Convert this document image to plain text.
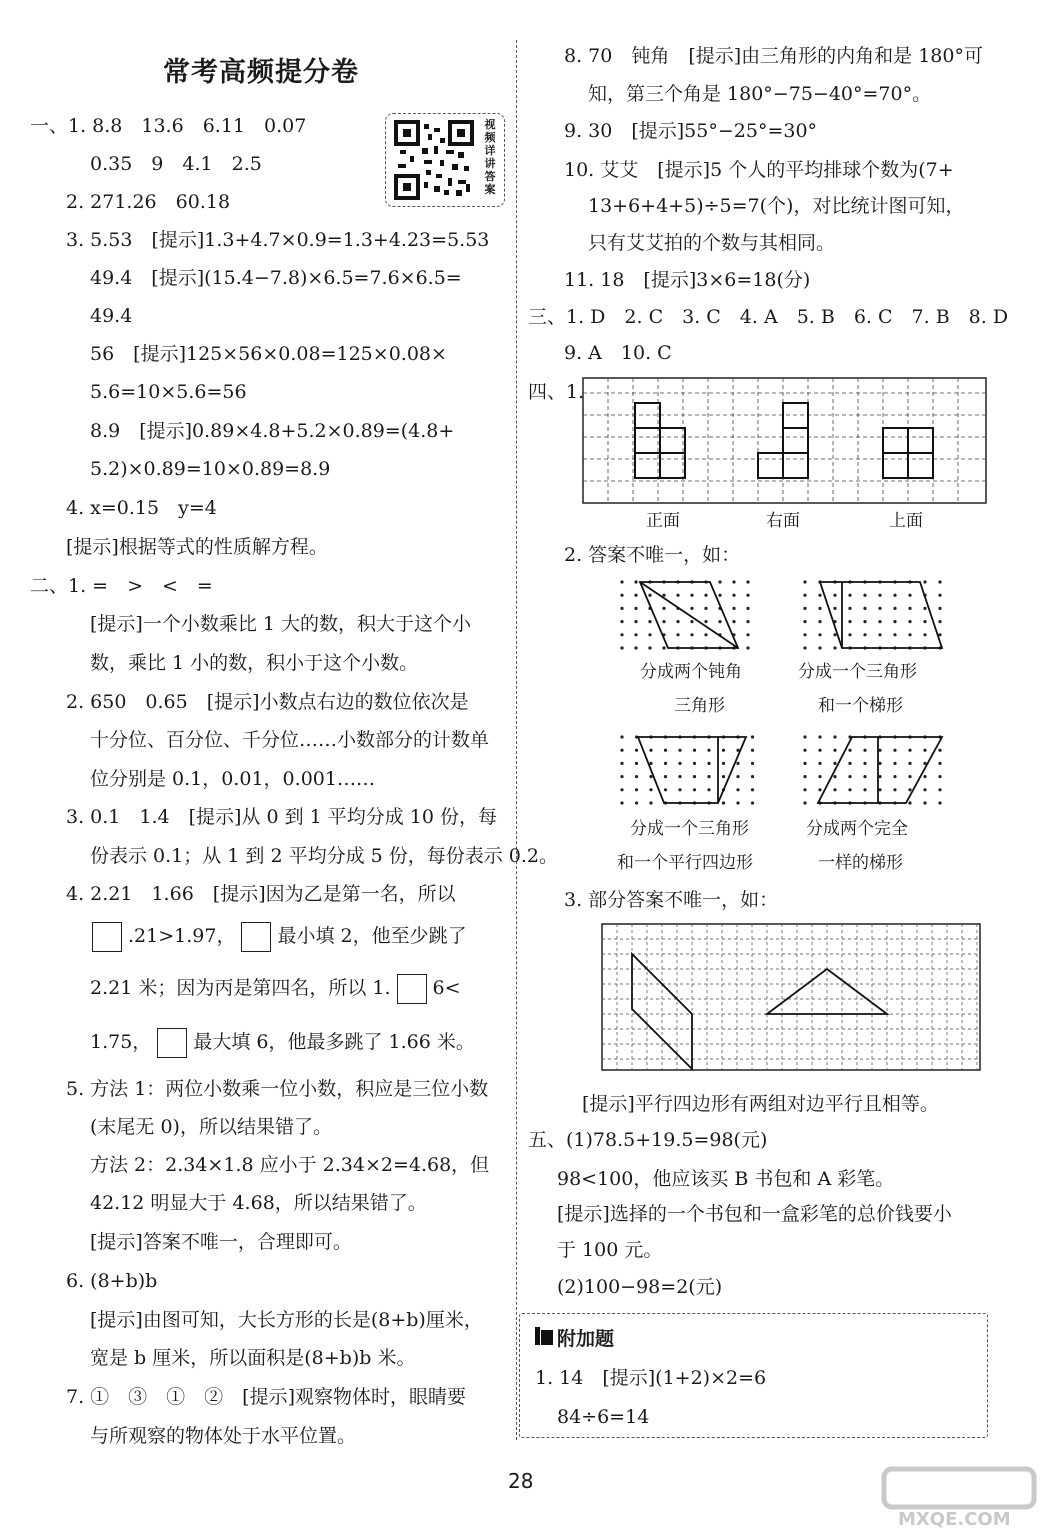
常考高频提分卷
视频详讲答案
一、1. 8.8　13.6　6.11　0.07
0.35　9　4.1　2.5
2. 271.26　60.18
3. 5.53　[提示]1.3+4.7×0.9=1.3+4.23=5.53
49.4　[提示](15.4−7.8)×6.5=7.6×6.5=
49.4
56　[提示]125×56×0.08=125×0.08×
5.6=10×5.6=56
8.9　[提示]0.89×4.8+5.2×0.89=(4.8+
5.2)×0.89=10×0.89=8.9
4. x=0.15　y=4
[提示]根据等式的性质解方程。
二、1. =　>　<　=
[提示]一个小数乘比 1 大的数，积大于这个小
数，乘比 1 小的数，积小于这个小数。
2. 650　0.65　[提示]小数点右边的数位依次是
十分位、百分位、千分位……小数部分的计数单
位分别是 0.1，0.01，0.001……
3. 0.1　1.4　[提示]从 0 到 1 平均分成 10 份，每
份表示 0.1；从 1 到 2 平均分成 5 份，每份表示 0.2。
4. 2.21　1.66　[提示]因为乙是第一名，所以
.21>1.97， 最小填 2，他至少跳了
2.21 米；因为丙是第四名，所以 1. 6<
1.75， 最大填 6，他最多跳了 1.66 米。
5. 方法 1：两位小数乘一位小数，积应是三位小数
(末尾无 0)，所以结果错了。
方法 2：2.34×1.8 应小于 2.34×2=4.68，但
42.12 明显大于 4.68，所以结果错了。
[提示]答案不唯一，合理即可。
6. (8+b)b
[提示]由图可知，大长方形的长是(8+b)厘米，
宽是 b 厘米，所以面积是(8+b)b 米。
7. ①　③　①　②　[提示]观察物体时，眼睛要
与所观察的物体处于水平位置。
8. 70　钝角　[提示]由三角形的内角和是 180°可
知，第三个角是 180°−75−40°=70°。
9. 30　[提示]55°−25°=30°
10. 艾艾　[提示]5 个人的平均排球个数为(7+
13+6+4+5)÷5=7(个)，对比统计图可知，
只有艾艾拍的个数与其相同。
11. 18　[提示]3×6=18(分)
三、1. D　2. C　3. C　4. A　5. B　6. C　7. B　8. D
9. A　10. C
四、1.
正面	右面	上面
2. 答案不唯一，如：
分成两个钝角
三角形
分成一个三角形
和一个梯形
分成一个三角形
和一个平行四边形
分成两个完全
一样的梯形
3. 部分答案不唯一，如：
[提示]平行四边形有两组对边平行且相等。
五、(1)78.5+19.5=98(元)
98<100，他应该买 B 书包和 A 彩笔。
[提示]选择的一个书包和一盒彩笔的总价钱要小
于 100 元。
(2)100−98=2(元)
附加题
1. 14　[提示](1+2)×2=6
84÷6=14
28
MXQE.COM
